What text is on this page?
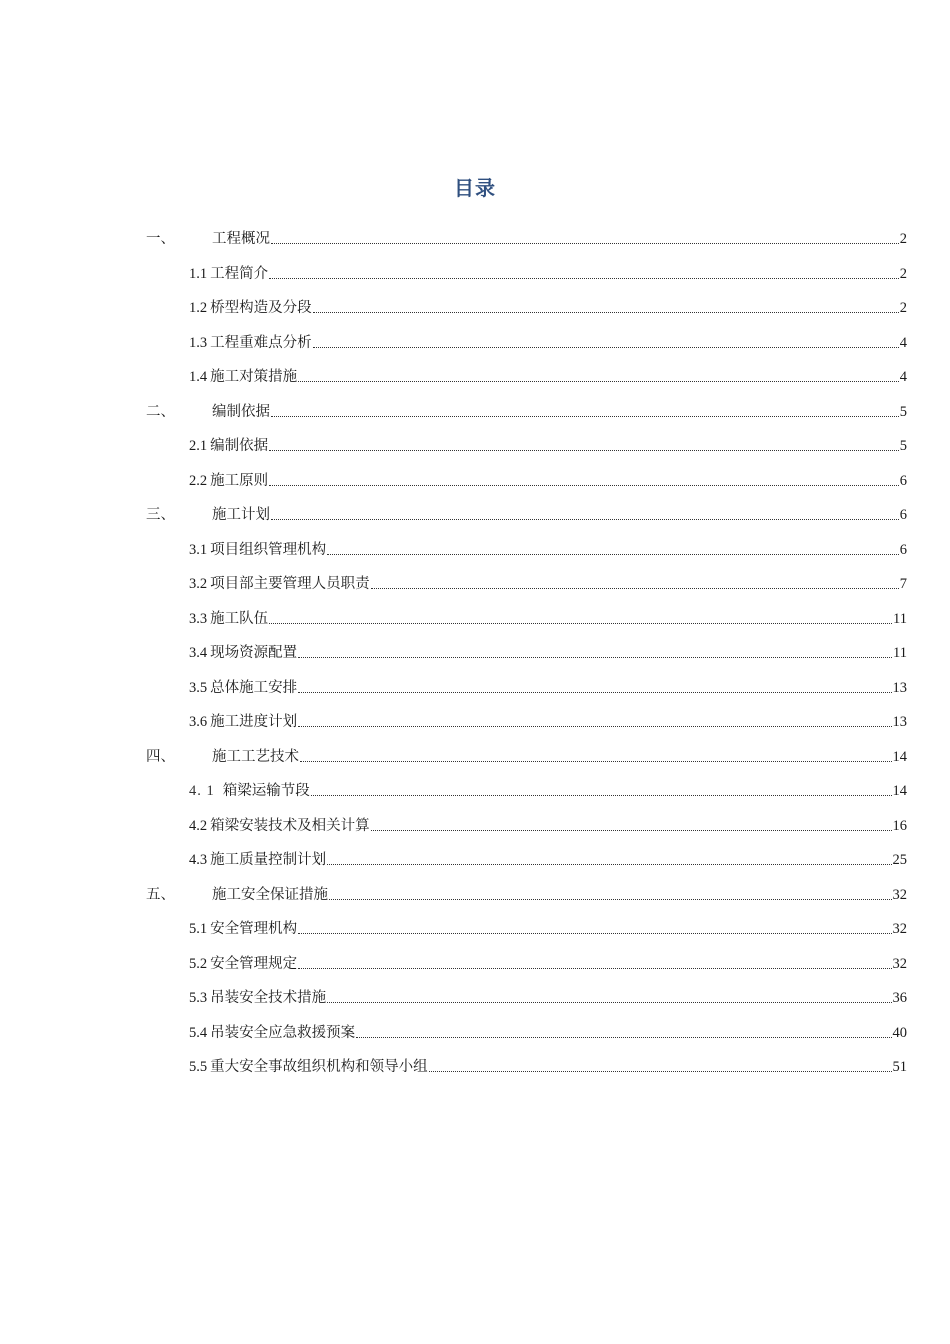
目录
一、	工程概况	2
1.1 工程简介	2
1.2 桥型构造及分段	2
1.3 工程重难点分析	4
1.4 施工对策措施	4
二、	编制依据	5
2.1 编制依据	5
2.2 施工原则	6
三、	施工计划	6
3.1 项目组织管理机构	6
3.2 项目部主要管理人员职责	7
3.3 施工队伍	11
3.4 现场资源配置	11
3.5 总体施工安排	13
3.6 施工进度计划	13
四、	施工工艺技术	14
4. 1 箱梁运输节段	14
4.2 箱梁安装技术及相关计算	16
4.3 施工质量控制计划	25
五、	施工安全保证措施	32
5.1 安全管理机构	32
5.2 安全管理规定	32
5.3 吊装安全技术措施	36
5.4 吊装安全应急救援预案	40
5.5 重大安全事故组织机构和领导小组	51
